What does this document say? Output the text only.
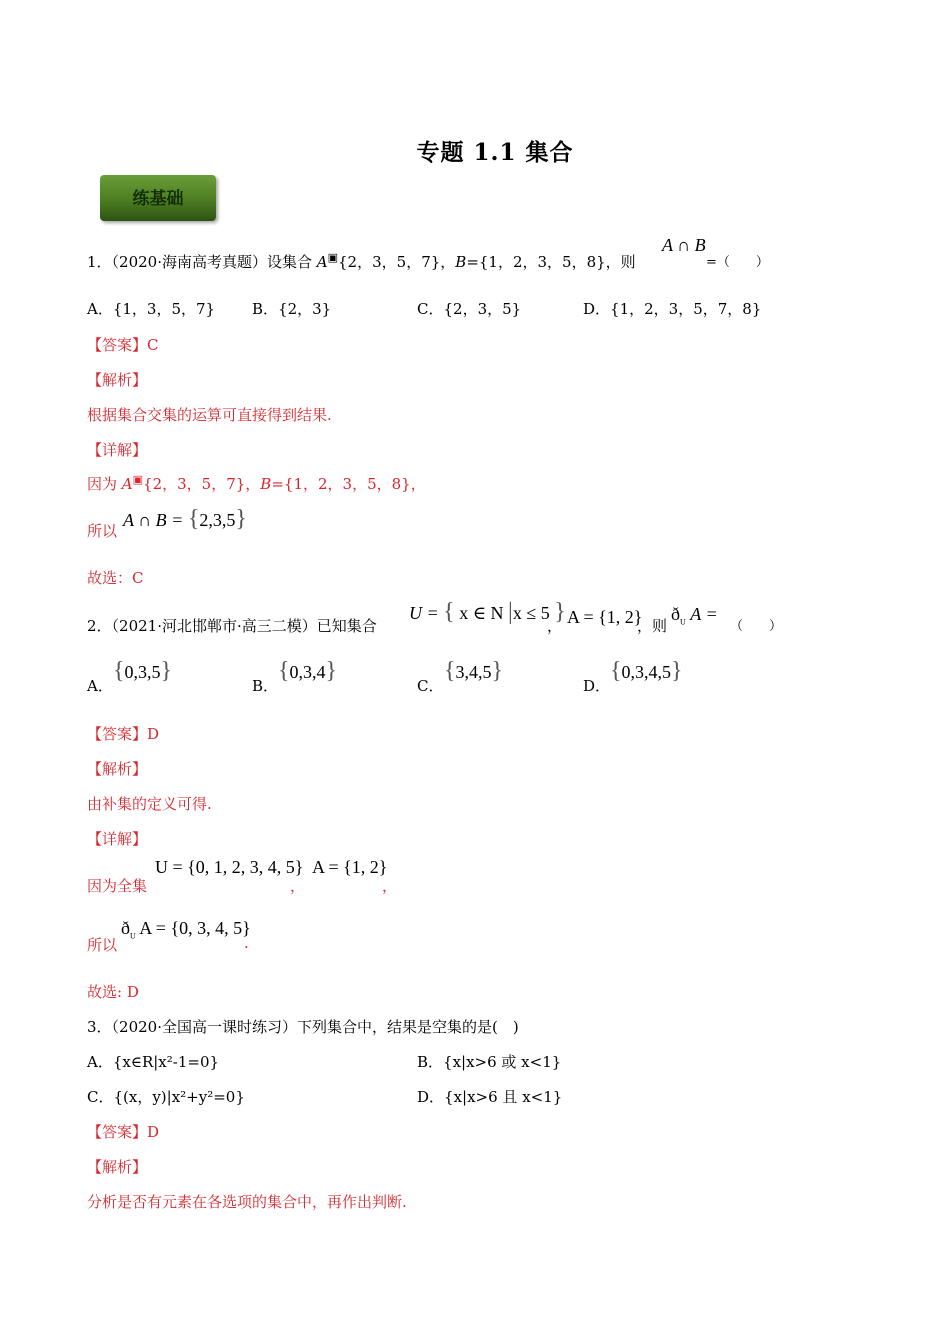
专题 1.1 集合
练基础
1．（2020·海南高考真题）设集合 A▣{2，3，5，7}，B={1，2，3，5，8}，则
A ∩ B
=（　　）
A．{1，3，5，7} B．{2，3}	C．{2，3，5}	D．{1，2，3，5，7，8}
【答案】C
【解析】
根据集合交集的运算可直接得到结果.
【详解】
因为 A▣{2，3，5，7}，B={1，2，3，5，8}，
所以
A ∩ B = {2,3,5}
故选：C
2．（2021·河北邯郸市·高三二模）已知集合
U = { x ∈ N |x ≤ 5 }
， A = {1, 2}
，则
$ð_U$ A =
（　　）
A．
{0,3,5}
B．
{0,3,4}
C．
{3,4,5}
D．
{0,3,4,5}
【答案】D
【解析】
由补集的定义可得.
【详解】
因为全集
U = {0, 1, 2, 3, 4, 5}
，
A = {1, 2}
，
所以
$ð_U$ A = {0, 3, 4, 5}
.
故选: D
3．（2020·全国高一课时练习）下列集合中，结果是空集的是(　)
A．{x∈R|x²-1=0}	B．{x|x>6 或 x<1}
C．{(x，y)|x²+y²=0}	D．{x|x>6 且 x<1}
【答案】D
【解析】
分析是否有元素在各选项的集合中，再作出判断.
